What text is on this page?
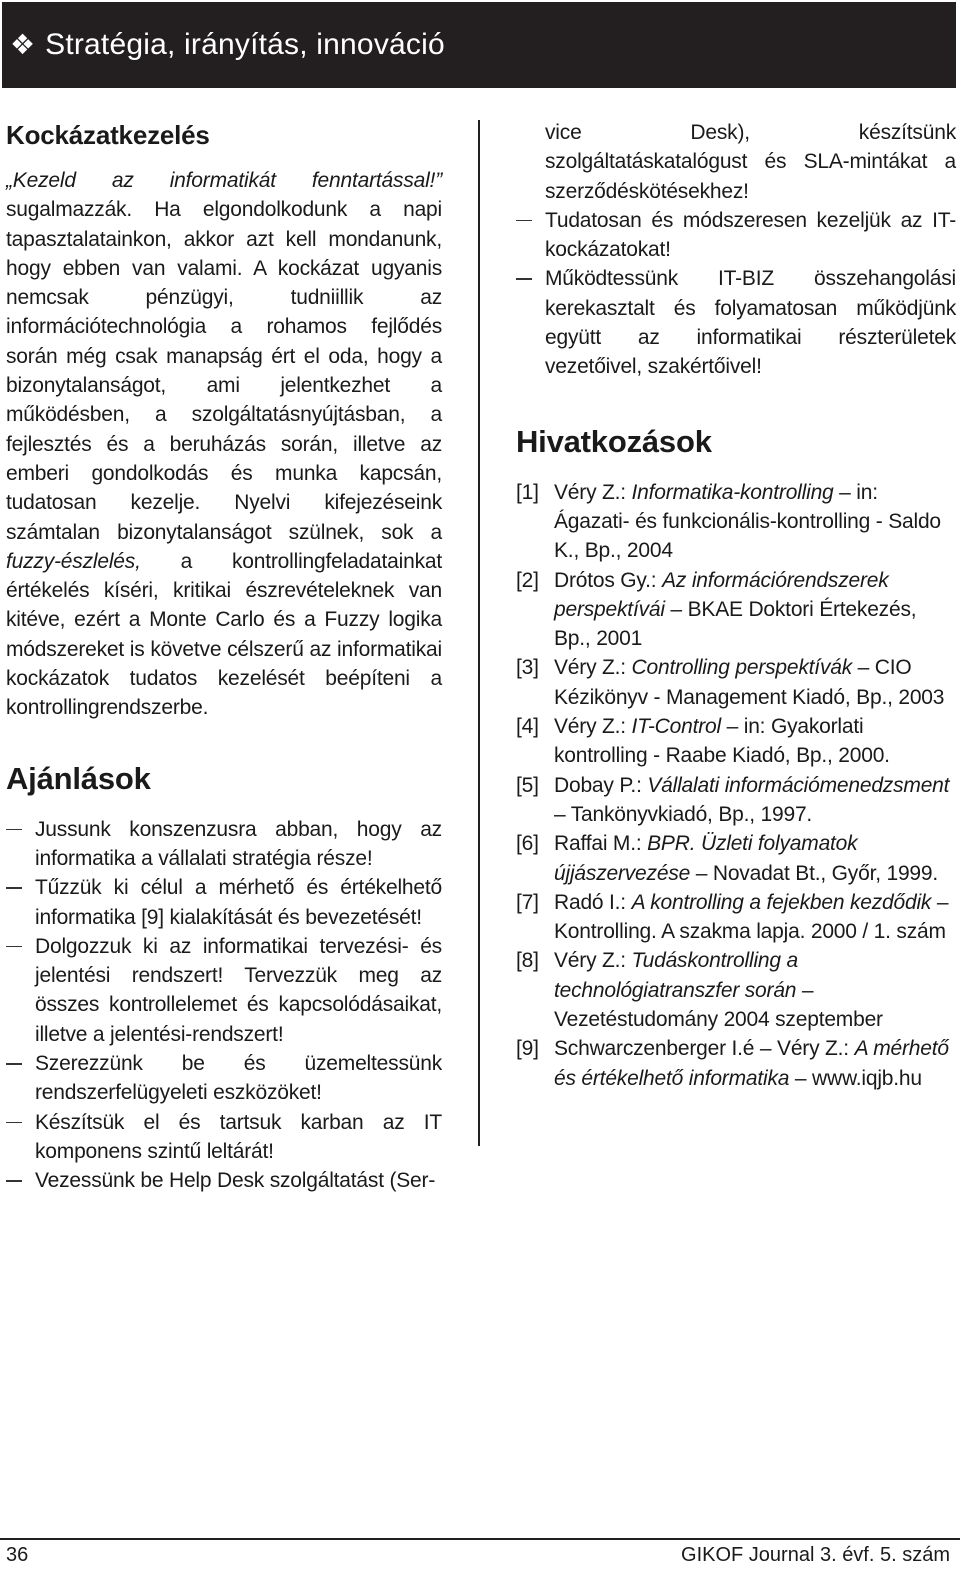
❖ Stratégia, irányítás, innováció
Kockázatkezelés

„Kezeld az informatikát fenntartással!” sugalmazzák. Ha elgondolkodunk a napi tapasztalatainkon, akkor azt kell mondanunk, hogy ebben van valami. A kockázat ugyanis nemcsak pénzügyi, tudniillik az információtechnológia a rohamos fejlődés során még csak manapság ért el oda, hogy a bizonytalanságot, ami jelentkezhet a működésben, a szolgáltatásnyújtásban, a fejlesztés és a beruházás során, illetve az emberi gondolkodás és munka kapcsán, tudatosan kezelje. Nyelvi kifejezéseink számtalan bizonytalanságot szülnek, sok a fuzzy-észlelés, a kontrollingfeladatainkat értékelés kíséri, kritikai észrevételeknek van kitéve, ezért a Monte Carlo és a Fuzzy logika módszereket is követve célszerű az informatikai kockázatok tudatos kezelését beépíteni a kontrollingrendszerbe.

Ajánlások
Jussunk konszenzusra abban, hogy az informatika a vállalati stratégia része!
Tűzzük ki célul a mérhető és értékelhető informatika [9] kialakítását és bevezetését!
Dolgozzuk ki az informatikai tervezési- és jelentési rendszert! Tervezzük meg az összes kontrollelemet és kapcsolódásaikat, illetve a jelentési-rendszert!
Szerezzünk be és üzemeltessünk rendszerfelügyeleti eszközöket!
Készítsük el és tartsuk karban az IT komponens szintű leltárát!
Vezessünk be Help Desk szolgáltatást (Ser-
vice Desk), készítsünk szolgáltatáskatalógust és SLA-mintákat a szerződéskötésekhez!
Tudatosan és módszeresen kezeljük az IT-kockázatokat!
Működtessünk IT-BIZ összehangolási kerekasztalt és folyamatosan működjünk együtt az informatikai részterületek vezetőivel, szakértőivel!
Hivatkozások
[1] Véry Z.: Informatika-kontrolling – in: Ágazati- és funkcionális-kontrolling - Saldo K., Bp., 2004
[2] Drótos Gy.: Az információrendszerek perspektívái – BKAE Doktori Értekezés, Bp., 2001
[3] Véry Z.: Controlling perspektívák – CIO Kézikönyv - Management Kiadó, Bp., 2003
[4] Véry Z.: IT-Control – in: Gyakorlati kontrolling - Raabe Kiadó, Bp., 2000.
[5] Dobay P.: Vállalati információmenedzsment – Tankönyvkiadó, Bp., 1997.
[6] Raffai M.: BPR. Üzleti folyamatok újjászervezése – Novadat Bt., Győr, 1999.
[7] Radó I.: A kontrolling a fejekben kezdődik – Kontrolling. A szakma lapja. 2000 / 1. szám
[8] Véry Z.: Tudáskontrolling a technológiatranszfer során – Vezetéstudomány 2004 szeptember
[9] Schwarczenberger I.é – Véry Z.: A mérhető és értékelhető informatika – www.iqjb.hu
36	GIKOF Journal 3. évf. 5. szám
